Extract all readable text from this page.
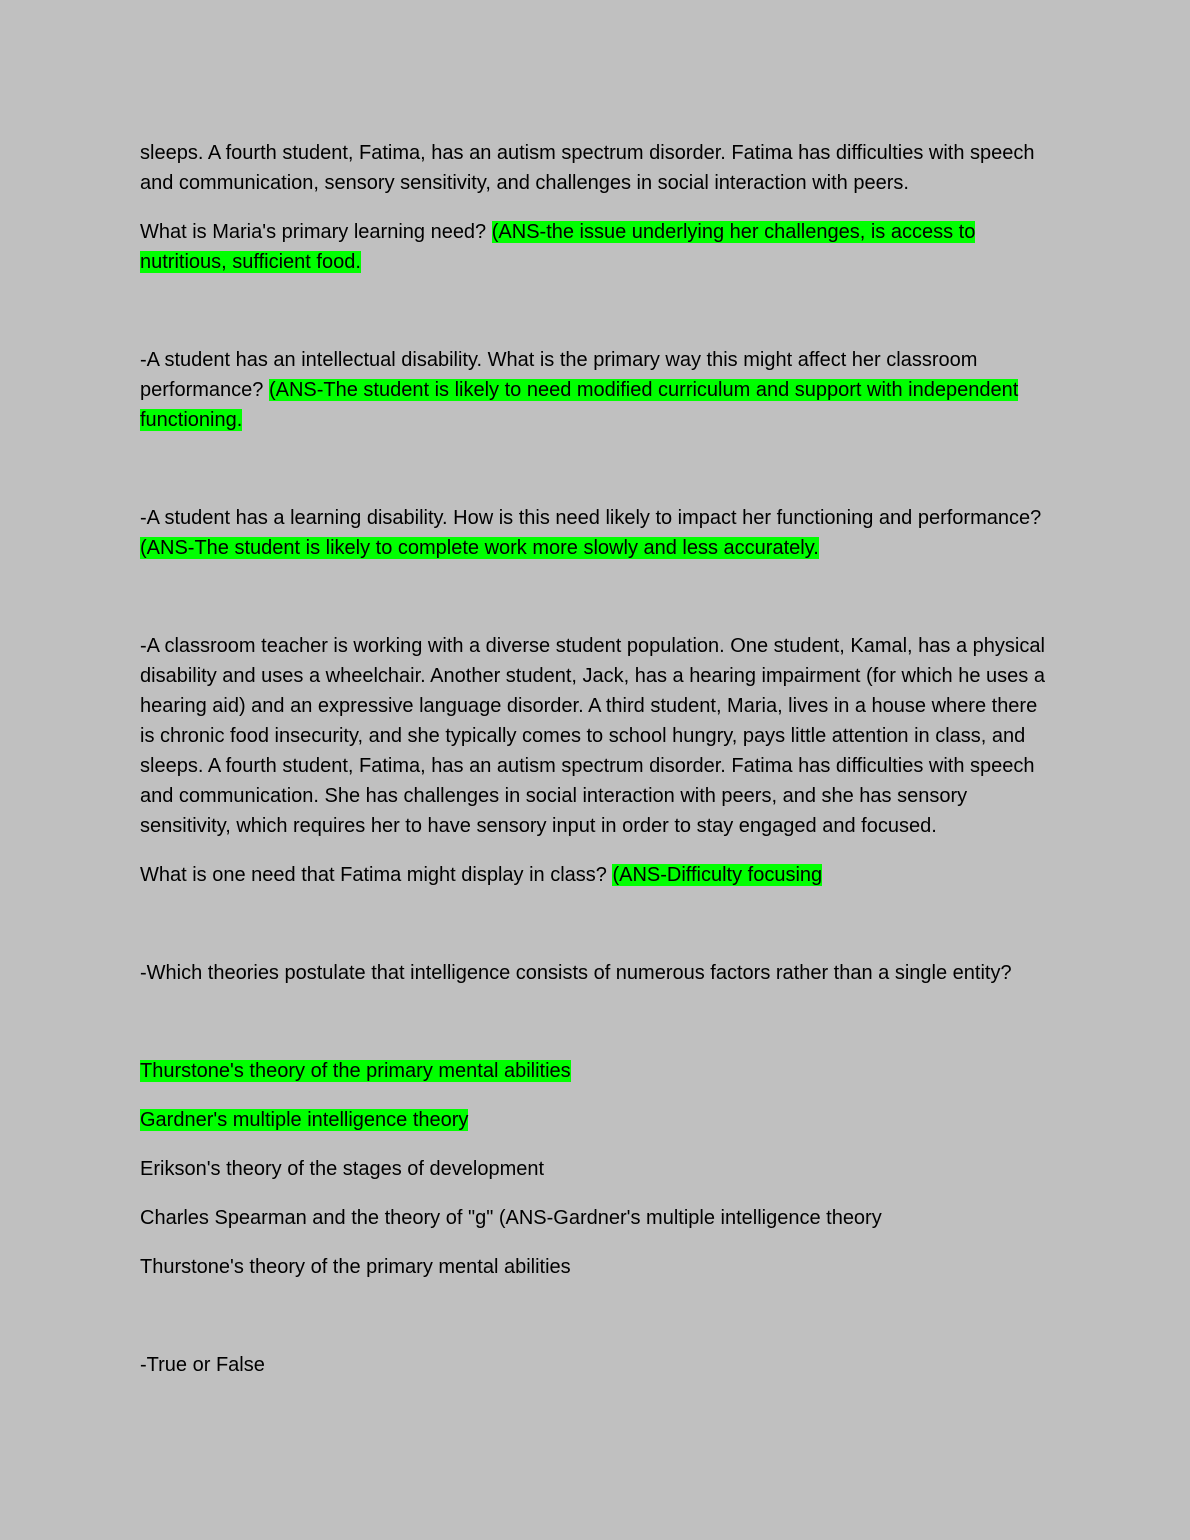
sleeps. A fourth student, Fatima, has an autism spectrum disorder. Fatima has difficulties with speech and communication, sensory sensitivity, and challenges in social interaction with peers.

What is Maria's primary learning need? (ANS-the issue underlying her challenges, is access to nutritious, sufficient food.

-A student has an intellectual disability. What is the primary way this might affect her classroom performance? (ANS-The student is likely to need modified curriculum and support with independent functioning.

-A student has a learning disability. How is this need likely to impact her functioning and performance? (ANS-The student is likely to complete work more slowly and less accurately.

-A classroom teacher is working with a diverse student population. One student, Kamal, has a physical disability and uses a wheelchair. Another student, Jack, has a hearing impairment (for which he uses a hearing aid) and an expressive language disorder. A third student, Maria, lives in a house where there is chronic food insecurity, and she typically comes to school hungry, pays little attention in class, and sleeps. A fourth student, Fatima, has an autism spectrum disorder. Fatima has difficulties with speech and communication. She has challenges in social interaction with peers, and she has sensory sensitivity, which requires her to have sensory input in order to stay engaged and focused.

What is one need that Fatima might display in class? (ANS-Difficulty focusing

-Which theories postulate that intelligence consists of numerous factors rather than a single entity?

Thurstone's theory of the primary mental abilities

Gardner's multiple intelligence theory

Erikson's theory of the stages of development

Charles Spearman and the theory of "g" (ANS-Gardner's multiple intelligence theory

Thurstone's theory of the primary mental abilities

-True or False
